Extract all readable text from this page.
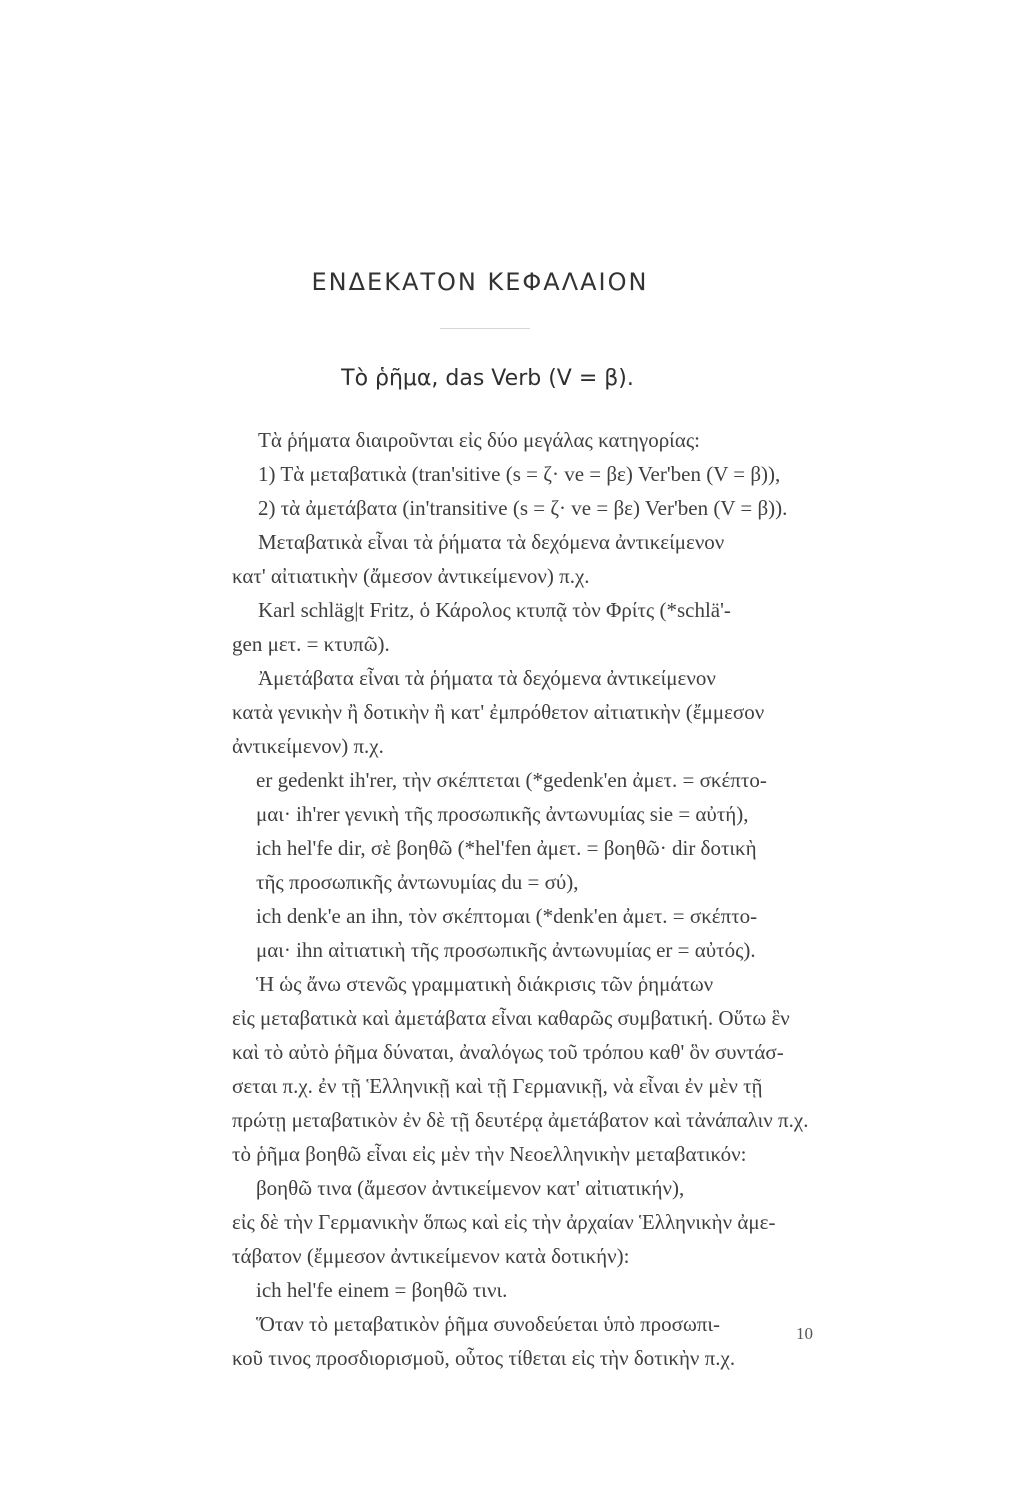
ΕΝΔΕΚΑΤΟΝ ΚΕΦΑΛΑΙΟΝ
Τὸ ῥῆμα, das Verb (V = β).
Τὰ ῥήματα διαιροῦνται εἰς δύο μεγάλας κατηγορίας:
1) Τὰ μεταβατικὰ (tran'sitive (s = ζ· ve = βε) Ver'ben (V = β)),
2) τὰ ἀμετάβατα (in'transitive (s = ζ· ve = βε) Ver'ben (V = β)).
Μεταβατικὰ εἶναι τὰ ῥήματα τὰ δεχόμενα ἀντικείμενον
κατ' αἰτιατικὴν (ἄμεσον ἀντικείμενον) π.χ.
Karl schläg|t Fritz, ὁ Κάρολος κτυπᾷ τὸν Φρίτς (*schlä'-
gen μετ. = κτυπῶ).
Ἀμετάβατα εἶναι τὰ ῥήματα τὰ δεχόμενα ἀντικείμενον
κατὰ γενικὴν ἢ δοτικὴν ἢ κατ' ἐμπρόθετον αἰτιατικὴν (ἔμμεσον
ἀντικείμενον) π.χ.
er gedenkt ih'rer, τὴν σκέπτεται (*gedenk'en ἀμετ. = σκέπτο-
μαι· ih'rer γενικὴ τῆς προσωπικῆς ἀντωνυμίας sie = αὐτή),
ich hel'fe dir, σὲ βοηθῶ (*hel'fen ἀμετ. = βοηθῶ· dir δοτικὴ
τῆς προσωπικῆς ἀντωνυμίας du = σύ),
ich denk'e an ihn, τὸν σκέπτομαι (*denk'en ἀμετ. = σκέπτο-
μαι· ihn αἰτιατικὴ τῆς προσωπικῆς ἀντωνυμίας er = αὐτός).
Ἡ ὡς ἄνω στενῶς γραμματικὴ διάκρισις τῶν ῥημάτων
εἰς μεταβατικὰ καὶ ἀμετάβατα εἶναι καθαρῶς συμβατική. Οὕτω ἓν
καὶ τὸ αὐτὸ ῥῆμα δύναται, ἀναλόγως τοῦ τρόπου καθ' ὃν συντάσ-
σεται π.χ. ἐν τῇ Ἑλληνικῇ καὶ τῇ Γερμανικῇ, νὰ εἶναι ἐν μὲν τῇ
πρώτῃ μεταβατικὸν ἐν δὲ τῇ δευτέρᾳ ἀμετάβατον καὶ τἀνάπαλιν π.χ.
τὸ ῥῆμα βοηθῶ εἶναι εἰς μὲν τὴν Νεοελληνικὴν μεταβατικόν:
βοηθῶ τινα (ἄμεσον ἀντικείμενον κατ' αἰτιατικήν),
εἰς δὲ τὴν Γερμανικὴν ὅπως καὶ εἰς τὴν ἀρχαίαν Ἑλληνικὴν ἀμε-
τάβατον (ἔμμεσον ἀντικείμενον κατὰ δοτικήν):
ich hel'fe einem = βοηθῶ τινι.
Ὅταν τὸ μεταβατικὸν ῥῆμα συνοδεύεται ὑπὸ προσωπι-
κοῦ τινος προσδιορισμοῦ, οὗτος τίθεται εἰς τὴν δοτικὴν π.χ.
10
